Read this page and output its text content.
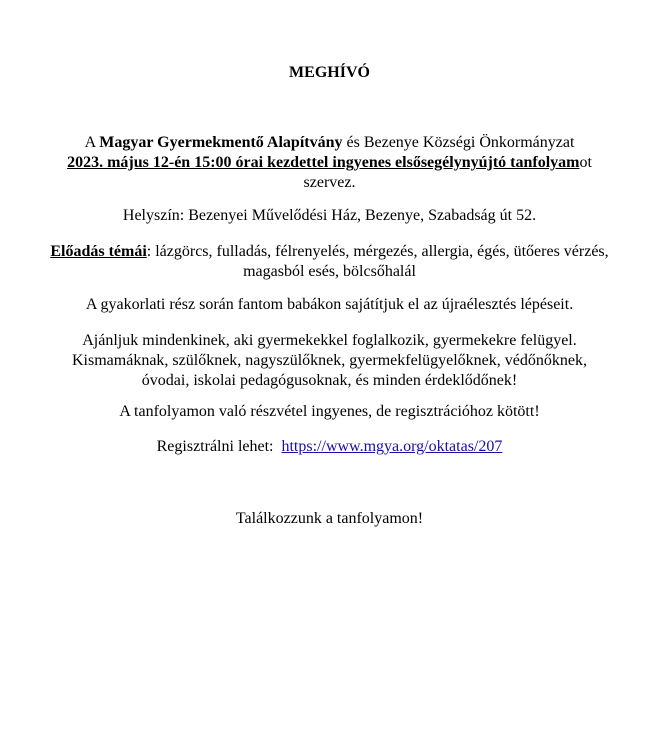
MEGHÍVÓ
A Magyar Gyermekmentő Alapítvány és Bezenye Községi Önkormányzat
2023. május 12-én 15:00 órai kezdettel ingyenes elsősegélynyújtó tanfolyamot szervez.
Helyszín: Bezenyei Művelődési Ház, Bezenye, Szabadság út 52.
Előadás témái: lázgörcs, fulladás, félrenyelés, mérgezés, allergia, égés, ütőeres vérzés, magasból esés, bölcsőhalál
A gyakorlati rész során fantom babákon sajátítjuk el az újraélesztés lépéseit.
Ajánljuk mindenkinek, aki gyermekekkel foglalkozik, gyermekekre felügyel. Kismamáknak, szülőknek, nagyszülőknek, gyermekfelügyelőknek, védőnőknek, óvodai, iskolai pedagógusoknak, és minden érdeklődőnek!
A tanfolyamon való részvétel ingyenes, de regisztrációhoz kötött!
Regisztrálni lehet: https://www.mgya.org/oktatas/207
Találkozzunk a tanfolyamon!
